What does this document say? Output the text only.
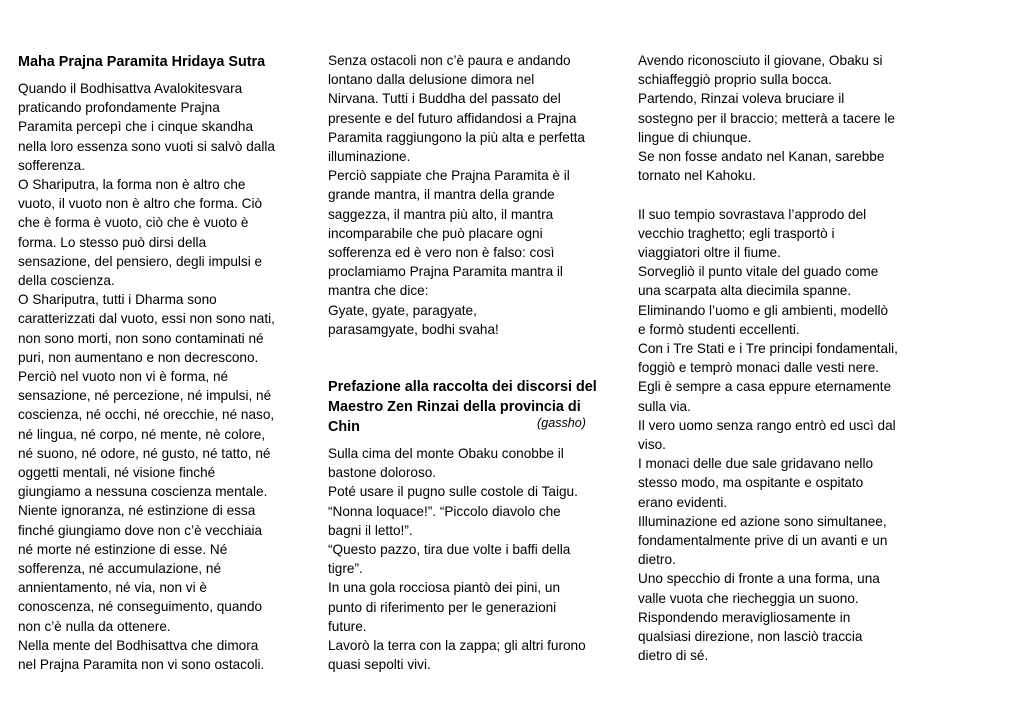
Maha Prajna Paramita Hridaya Sutra
Quando il Bodhisattva Avalokitesvara
praticando profondamente Prajna
Paramita percepì che i cinque skandha
nella loro essenza sono vuoti si salvò dalla
sofferenza.
O Shariputra, la forma non è altro che
vuoto, il vuoto non è altro che forma. Ciò
che è forma è vuoto, ciò che è vuoto è
forma. Lo stesso può dirsi della
sensazione, del pensiero, degli impulsi e
della coscienza.
O Shariputra, tutti i Dharma sono
caratterizzati dal vuoto, essi non sono nati,
non sono morti, non sono contaminati né
puri, non aumentano e non decrescono.
Perciò nel vuoto non vi è forma, né
sensazione, né percezione, né impulsi, né
coscienza, né occhi, né orecchie, né naso,
né lingua, né corpo, né mente, nè colore,
né suono, né odore, né gusto, né tatto, né
oggetti mentali, né visione finché
giungiamo a nessuna coscienza mentale.
Niente ignoranza, né estinzione di essa
finché giungiamo dove non c’è vecchiaia
né morte né estinzione di esse. Né
sofferenza, né accumulazione, né
annientamento, né via, non vi è
conoscenza, né conseguimento, quando
non c’è nulla da ottenere.
Nella mente del Bodhisattva che dimora
nel Prajna Paramita non vi sono ostacoli.
Senza ostacoli non c’è paura e andando
lontano dalla delusione dimora nel
Nirvana. Tutti i Buddha del passato del
presente e del futuro affidandosi a Prajna
Paramita raggiungono la più alta e perfetta
illuminazione.
Perciò sappiate che Prajna Paramita è il
grande mantra, il mantra della grande
saggezza, il mantra più alto, il mantra
incomparabile che può placare ogni
sofferenza ed è vero non è falso: così
proclamiamo Prajna Paramita mantra il
mantra che dice:
Gyate, gyate, paragyate,
parasamgyate, bodhi svaha!
Prefazione alla raccolta dei discorsi del
Maestro Zen Rinzai della provincia di
Chin	(gassho)
Sulla cima del monte Obaku conobbe il
bastone doloroso.
Poté usare il pugno sulle costole di Taigu.
“Nonna loquace!”. “Piccolo diavolo che
bagni il letto!”.
“Questo pazzo, tira due volte i baffi della
tigre”.
In una gola rocciosa piantò dei pini, un
punto di riferimento per le generazioni
future.
Lavorò la terra con la zappa; gli altri furono
quasi sepolti vivi.
Avendo riconosciuto il giovane, Obaku si
schiaffeggiò proprio sulla bocca.
Partendo, Rinzai voleva bruciare il
sostegno per il braccio; metterà a tacere le
lingue di chiunque.
Se non fosse andato nel Kanan, sarebbe
tornato nel Kahoku.
Il suo tempio sovrastava l’approdo del
vecchio traghetto; egli trasportò i
viaggiatori oltre il fiume.
Sorvegliò il punto vitale del guado come
una scarpata alta diecimila spanne.
Eliminando l’uomo e gli ambienti, modellò
e formò studenti eccellenti.
Con i Tre Stati e i Tre principi fondamentali,
foggiò e temprò monaci dalle vesti nere.
Egli è sempre a casa eppure eternamente
sulla via.
Il vero uomo senza rango entrò ed uscì dal
viso.
I monaci delle due sale gridavano nello
stesso modo, ma ospitante e ospitato
erano evidenti.
Illuminazione ed azione sono simultanee,
fondamentalmente prive di un avanti e un
dietro.
Uno specchio di fronte a una forma, una
valle vuota che riecheggia un suono.
Rispondendo meravigliosamente in
qualsiasi direzione, non lasciò traccia
dietro di sé.
